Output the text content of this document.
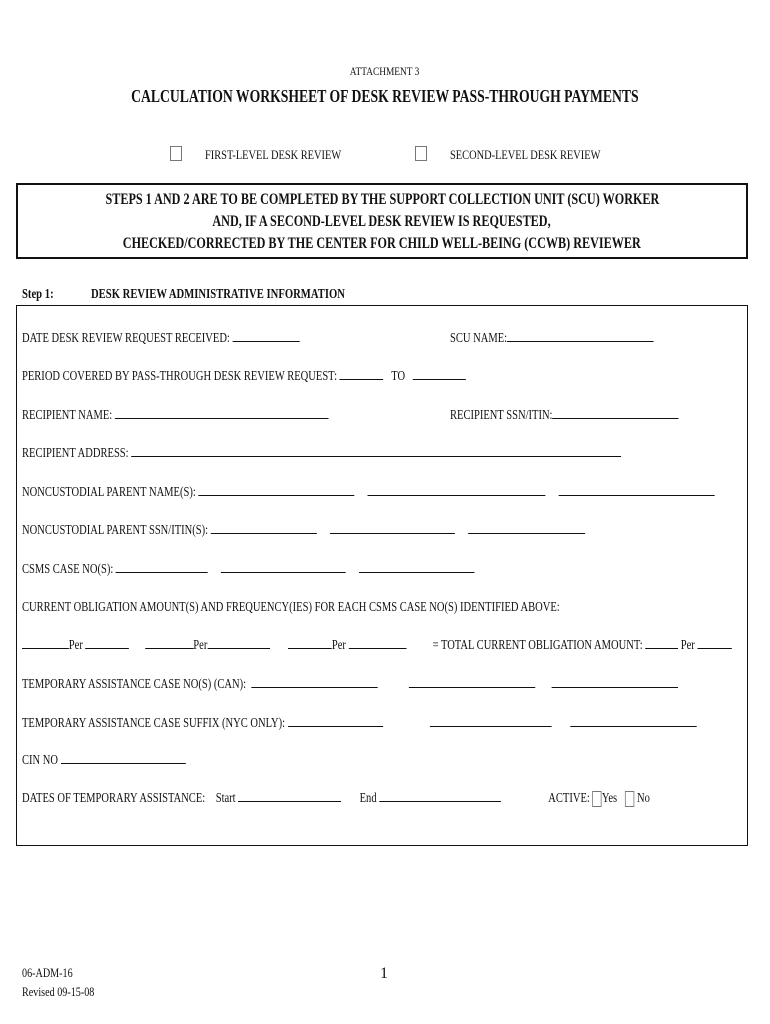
ATTACHMENT 3
CALCULATION WORKSHEET OF DESK REVIEW PASS-THROUGH PAYMENTS
FIRST-LEVEL DESK REVIEW	SECOND-LEVEL DESK REVIEW
STEPS 1 AND 2 ARE TO BE COMPLETED BY THE SUPPORT COLLECTION UNIT (SCU) WORKER
AND, IF A SECOND-LEVEL DESK REVIEW IS REQUESTED,
CHECKED/CORRECTED BY THE CENTER FOR CHILD WELL-BEING (CCWB) REVIEWER
Step 1:	DESK REVIEW ADMINISTRATIVE INFORMATION
DATE DESK REVIEW REQUEST RECEIVED:	SCU NAME:
PERIOD COVERED BY PASS-THROUGH DESK REVIEW REQUEST:	TO
RECIPIENT NAME:	RECIPIENT SSN/ITIN:
RECIPIENT ADDRESS:
NONCUSTODIAL PARENT NAME(S):
NONCUSTODIAL PARENT SSN/ITIN(S):
CSMS CASE NO(S):
CURRENT OBLIGATION AMOUNT(S) AND FREQUENCY(IES) FOR EACH CSMS CASE NO(S) IDENTIFIED ABOVE:
Per	Per	Per	= TOTAL CURRENT OBLIGATION AMOUNT:	Per
TEMPORARY ASSISTANCE CASE NO(S) (CAN):
TEMPORARY ASSISTANCE CASE SUFFIX (NYC ONLY):
CIN NO
DATES OF TEMPORARY ASSISTANCE: Start	End	ACTIVE: Yes No
06-ADM-16
Revised 09-15-08
1
